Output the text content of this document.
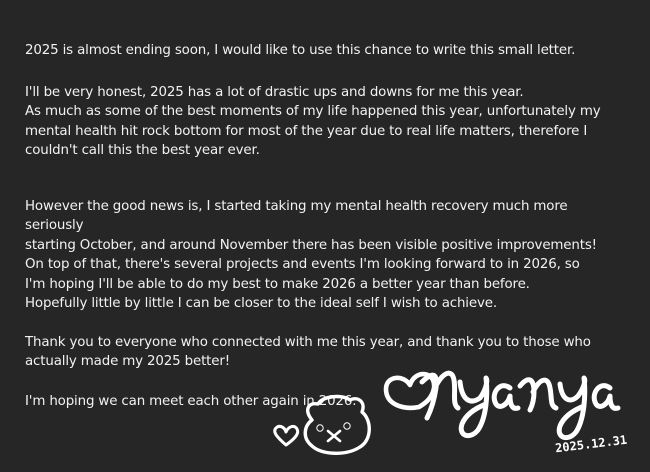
2025 is almost ending soon, I would like to use this chance to write this small letter.

I'll be very honest, 2025 has a lot of drastic ups and downs for me this year.
As much as some of the best moments of my life happened this year, unfortunately my
mental health hit rock bottom for most of the year due to real life matters, therefore I
couldn't call this the best year ever.

However the good news is, I started taking my mental health recovery much more seriously
starting October, and around November there has been visible positive improvements!
On top of that, there's several projects and events I'm looking forward to in 2026, so
I'm hoping I'll be able to do my best to make 2026 a better year than before.
Hopefully little by little I can be closer to the ideal self I wish to achieve.

Thank you to everyone who connected with me this year, and thank you to those who
actually made my 2025 better!

I'm hoping we can meet each other again in 2026.

2025.12.31
